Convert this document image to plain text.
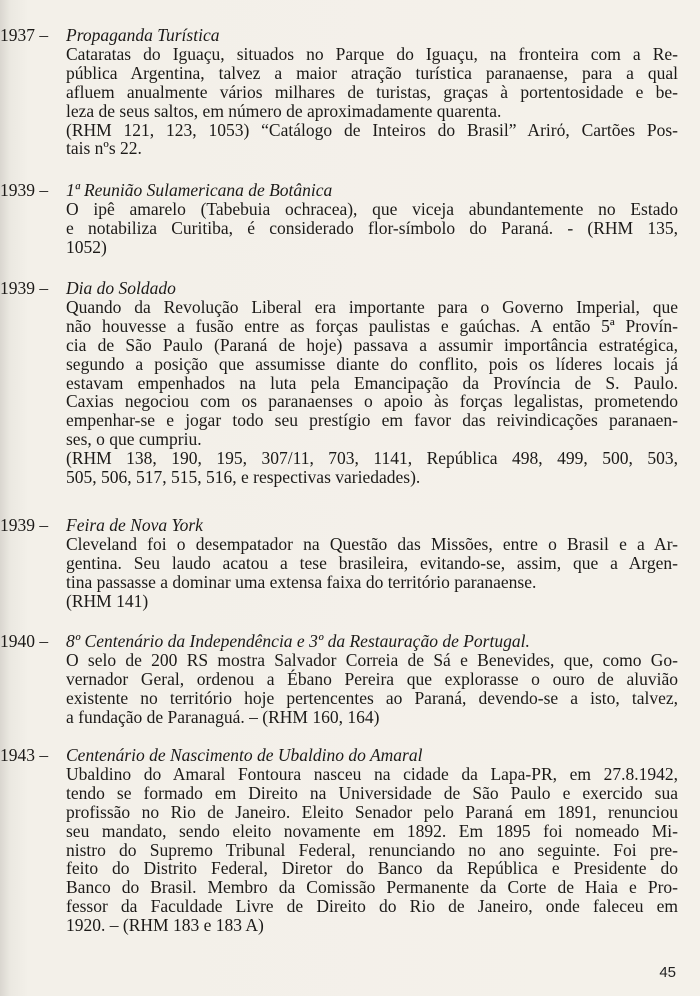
1937 – Propaganda Turística
Cataratas do Iguaçu, situados no Parque do Iguaçu, na fronteira com a Re-
pública Argentina, talvez a maior atração turística paranaense, para a qual
afluem anualmente vários milhares de turistas, graças à portentosidade e be-
leza de seus saltos, em número de aproximadamente quarenta.
(RHM 121, 123, 1053) “Catálogo de Inteiros do Brasil” Arirό, Cartões Pos-
tais nºs 22.
1939 – 1ª Reunião Sulamericana de Botânica
O ipê amarelo (Tabebuia ochracea), que viceja abundantemente no Estado
e notabiliza Curitiba, é considerado flor-símbolo do Paraná. - (RHM 135,
1052)
1939 – Dia do Soldado
Quando da Revolução Liberal era importante para o Governo Imperial, que
não houvesse a fusão entre as forças paulistas e gaúchas. A então 5ª Provín-
cia de São Paulo (Paraná de hoje) passava a assumir importância estratégica,
segundo a posição que assumisse diante do conflito, pois os líderes locais já
estavam empenhados na luta pela Emancipação da Província de S. Paulo.
Caxias negociou com os paranaenses o apoio às forças legalistas, prometendo
empenhar-se e jogar todo seu prestígio em favor das reivindicações paranaen-
ses, o que cumpriu.
(RHM 138, 190, 195, 307/11, 703, 1141, República 498, 499, 500, 503,
505, 506, 517, 515, 516, e respectivas variedades).
1939 – Feira de Nova York
Cleveland foi o desempatador na Questão das Missões, entre o Brasil e a Ar-
gentina. Seu laudo acatou a tese brasileira, evitando-se, assim, que a Argen-
tina passasse a dominar uma extensa faixa do território paranaense.
(RHM 141)
1940 – 8º Centenário da Independência e 3º da Restauração de Portugal.
O selo de 200 RS mostra Salvador Correia de Sá e Benevides, que, como Go-
vernador Geral, ordenou a Ébano Pereira que explorasse o ouro de aluvião
existente no território hoje pertencentes ao Paraná, devendo-se a isto, talvez,
a fundação de Paranaguá. – (RHM 160, 164)
1943 – Centenário de Nascimento de Ubaldino do Amaral
Ubaldino do Amaral Fontoura nasceu na cidade da Lapa-PR, em 27.8.1942,
tendo se formado em Direito na Universidade de São Paulo e exercido sua
profissão no Rio de Janeiro. Eleito Senador pelo Paraná em 1891, renunciou
seu mandato, sendo eleito novamente em 1892. Em 1895 foi nomeado Mi-
nistro do Supremo Tribunal Federal, renunciando no ano seguinte. Foi pre-
feito do Distrito Federal, Diretor do Banco da República e Presidente do
Banco do Brasil. Membro da Comissão Permanente da Corte de Haia e Pro-
fessor da Faculdade Livre de Direito do Rio de Janeiro, onde faleceu em
1920. – (RHM 183 e 183 A)
45
